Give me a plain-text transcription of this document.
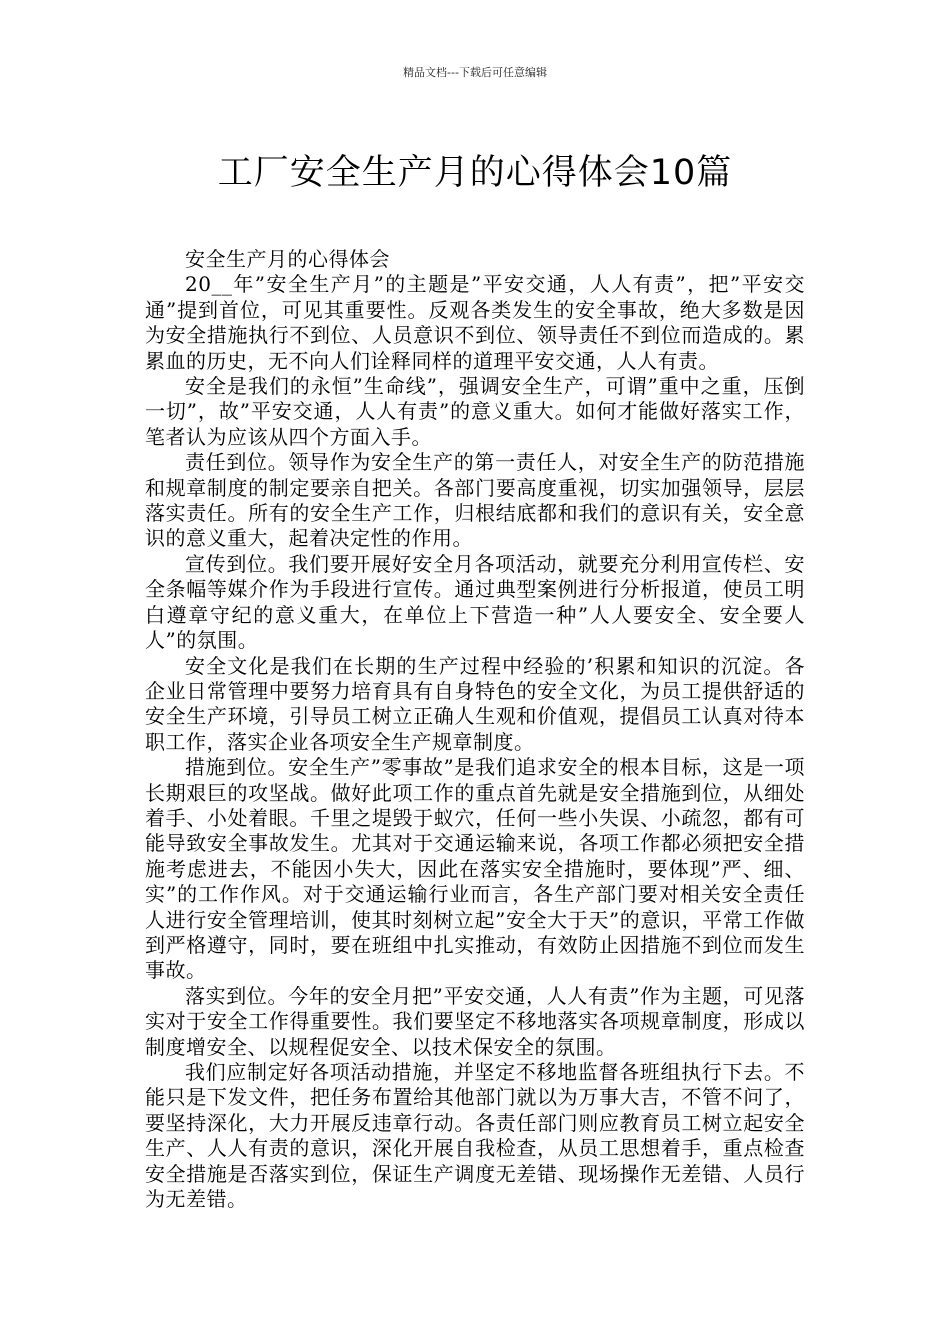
精品文档---下载后可任意编辑
工厂安全生产月的心得体会10篇

安全生产月的心得体会

20__年”安全生产月”的主题是”平安交通，人人有责”，把”平安交通”提到首位，可见其重要性。反观各类发生的安全事故，绝大多数是因为安全措施执行不到位、人员意识不到位、领导责任不到位而造成的。累累血的历史，无不向人们诠释同样的道理平安交通，人人有责。

安全是我们的永恒”生命线”，强调安全生产，可谓”重中之重，压倒一切”，故”平安交通，人人有责”的意义重大。如何才能做好落实工作，笔者认为应该从四个方面入手。

责任到位。领导作为安全生产的第一责任人，对安全生产的防范措施和规章制度的制定要亲自把关。各部门要高度重视，切实加强领导，层层落实责任。所有的安全生产工作，归根结底都和我们的意识有关，安全意识的意义重大，起着决定性的作用。

宣传到位。我们要开展好安全月各项活动，就要充分利用宣传栏、安全条幅等媒介作为手段进行宣传。通过典型案例进行分析报道，使员工明白遵章守纪的意义重大，在单位上下营造一种”人人要安全、安全要人人”的氛围。

安全文化是我们在长期的生产过程中经验的’积累和知识的沉淀。各企业日常管理中要努力培育具有自身特色的安全文化，为员工提供舒适的安全生产环境，引导员工树立正确人生观和价值观，提倡员工认真对待本职工作，落实企业各项安全生产规章制度。

措施到位。安全生产”零事故”是我们追求安全的根本目标，这是一项长期艰巨的攻坚战。做好此项工作的重点首先就是安全措施到位，从细处着手、小处着眼。千里之堤毁于蚁穴，任何一些小失误、小疏忽，都有可能导致安全事故发生。尤其对于交通运输来说，各项工作都必须把安全措施考虑进去，不能因小失大，因此在落实安全措施时，要体现”严、细、实”的工作作风。对于交通运输行业而言，各生产部门要对相关安全责任人进行安全管理培训，使其时刻树立起”安全大于天”的意识，平常工作做到严格遵守，同时，要在班组中扎实推动，有效防止因措施不到位而发生事故。

落实到位。今年的安全月把”平安交通，人人有责”作为主题，可见落实对于安全工作得重要性。我们要坚定不移地落实各项规章制度，形成以制度增安全、以规程促安全、以技术保安全的氛围。

我们应制定好各项活动措施，并坚定不移地监督各班组执行下去。不能只是下发文件，把任务布置给其他部门就以为万事大吉，不管不问了，要坚持深化，大力开展反违章行动。各责任部门则应教育员工树立起安全生产、人人有责的意识，深化开展自我检查，从员工思想着手，重点检查安全措施是否落实到位，保证生产调度无差错、现场操作无差错、人员行为无差错。
